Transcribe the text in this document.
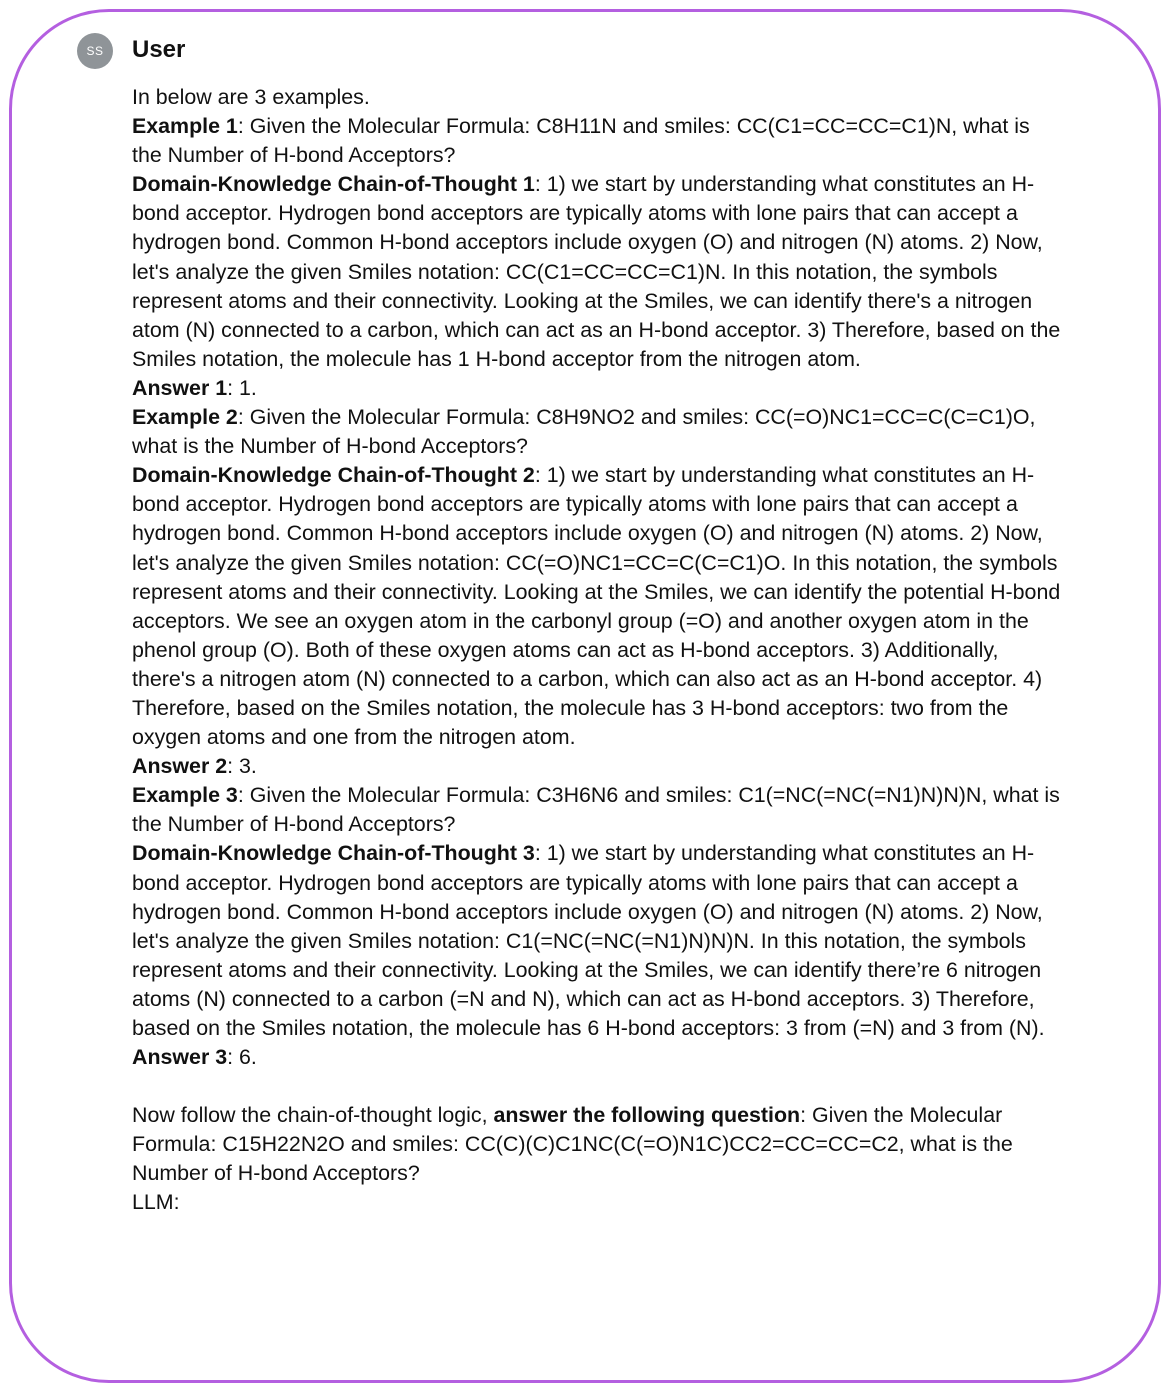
SS	User

In below are 3 examples.

Example 1: Given the Molecular Formula: C8H11N and smiles: CC(C1=CC=CC=C1)N, what is the Number of H-bond Acceptors?

Domain-Knowledge Chain-of-Thought 1: 1) we start by understanding what constitutes an H-bond acceptor. Hydrogen bond acceptors are typically atoms with lone pairs that can accept a hydrogen bond. Common H-bond acceptors include oxygen (O) and nitrogen (N) atoms. 2) Now, let's analyze the given Smiles notation: CC(C1=CC=CC=C1)N. In this notation, the symbols represent atoms and their connectivity. Looking at the Smiles, we can identify there's a nitrogen atom (N) connected to a carbon, which can act as an H-bond acceptor. 3) Therefore, based on the Smiles notation, the molecule has 1 H-bond acceptor from the nitrogen atom.

Answer 1: 1.

Example 2: Given the Molecular Formula: C8H9NO2 and smiles: CC(=O)NC1=CC=C(C=C1)O, what is the Number of H-bond Acceptors?

Domain-Knowledge Chain-of-Thought 2: 1) we start by understanding what constitutes an H-bond acceptor. Hydrogen bond acceptors are typically atoms with lone pairs that can accept a hydrogen bond. Common H-bond acceptors include oxygen (O) and nitrogen (N) atoms. 2) Now, let's analyze the given Smiles notation: CC(=O)NC1=CC=C(C=C1)O. In this notation, the symbols represent atoms and their connectivity. Looking at the Smiles, we can identify the potential H-bond acceptors. We see an oxygen atom in the carbonyl group (=O) and another oxygen atom in the phenol group (O). Both of these oxygen atoms can act as H-bond acceptors. 3) Additionally, there's a nitrogen atom (N) connected to a carbon, which can also act as an H-bond acceptor. 4) Therefore, based on the Smiles notation, the molecule has 3 H-bond acceptors: two from the oxygen atoms and one from the nitrogen atom.

Answer 2: 3.

Example 3: Given the Molecular Formula: C3H6N6 and smiles: C1(=NC(=NC(=N1)N)N)N, what is the Number of H-bond Acceptors?

Domain-Knowledge Chain-of-Thought 3: 1) we start by understanding what constitutes an H-bond acceptor. Hydrogen bond acceptors are typically atoms with lone pairs that can accept a hydrogen bond. Common H-bond acceptors include oxygen (O) and nitrogen (N) atoms. 2) Now, let's analyze the given Smiles notation: C1(=NC(=NC(=N1)N)N)N. In this notation, the symbols represent atoms and their connectivity. Looking at the Smiles, we can identify there’re 6 nitrogen atoms (N) connected to a carbon (=N and N), which can act as H-bond acceptors. 3) Therefore, based on the Smiles notation, the molecule has 6 H-bond acceptors: 3 from (=N) and 3 from (N).

Answer 3: 6.

Now follow the chain-of-thought logic, answer the following question: Given the Molecular Formula: C15H22N2O and smiles: CC(C)(C)C1NC(C(=O)N1C)CC2=CC=CC=C2, what is the Number of H-bond Acceptors?

LLM:
